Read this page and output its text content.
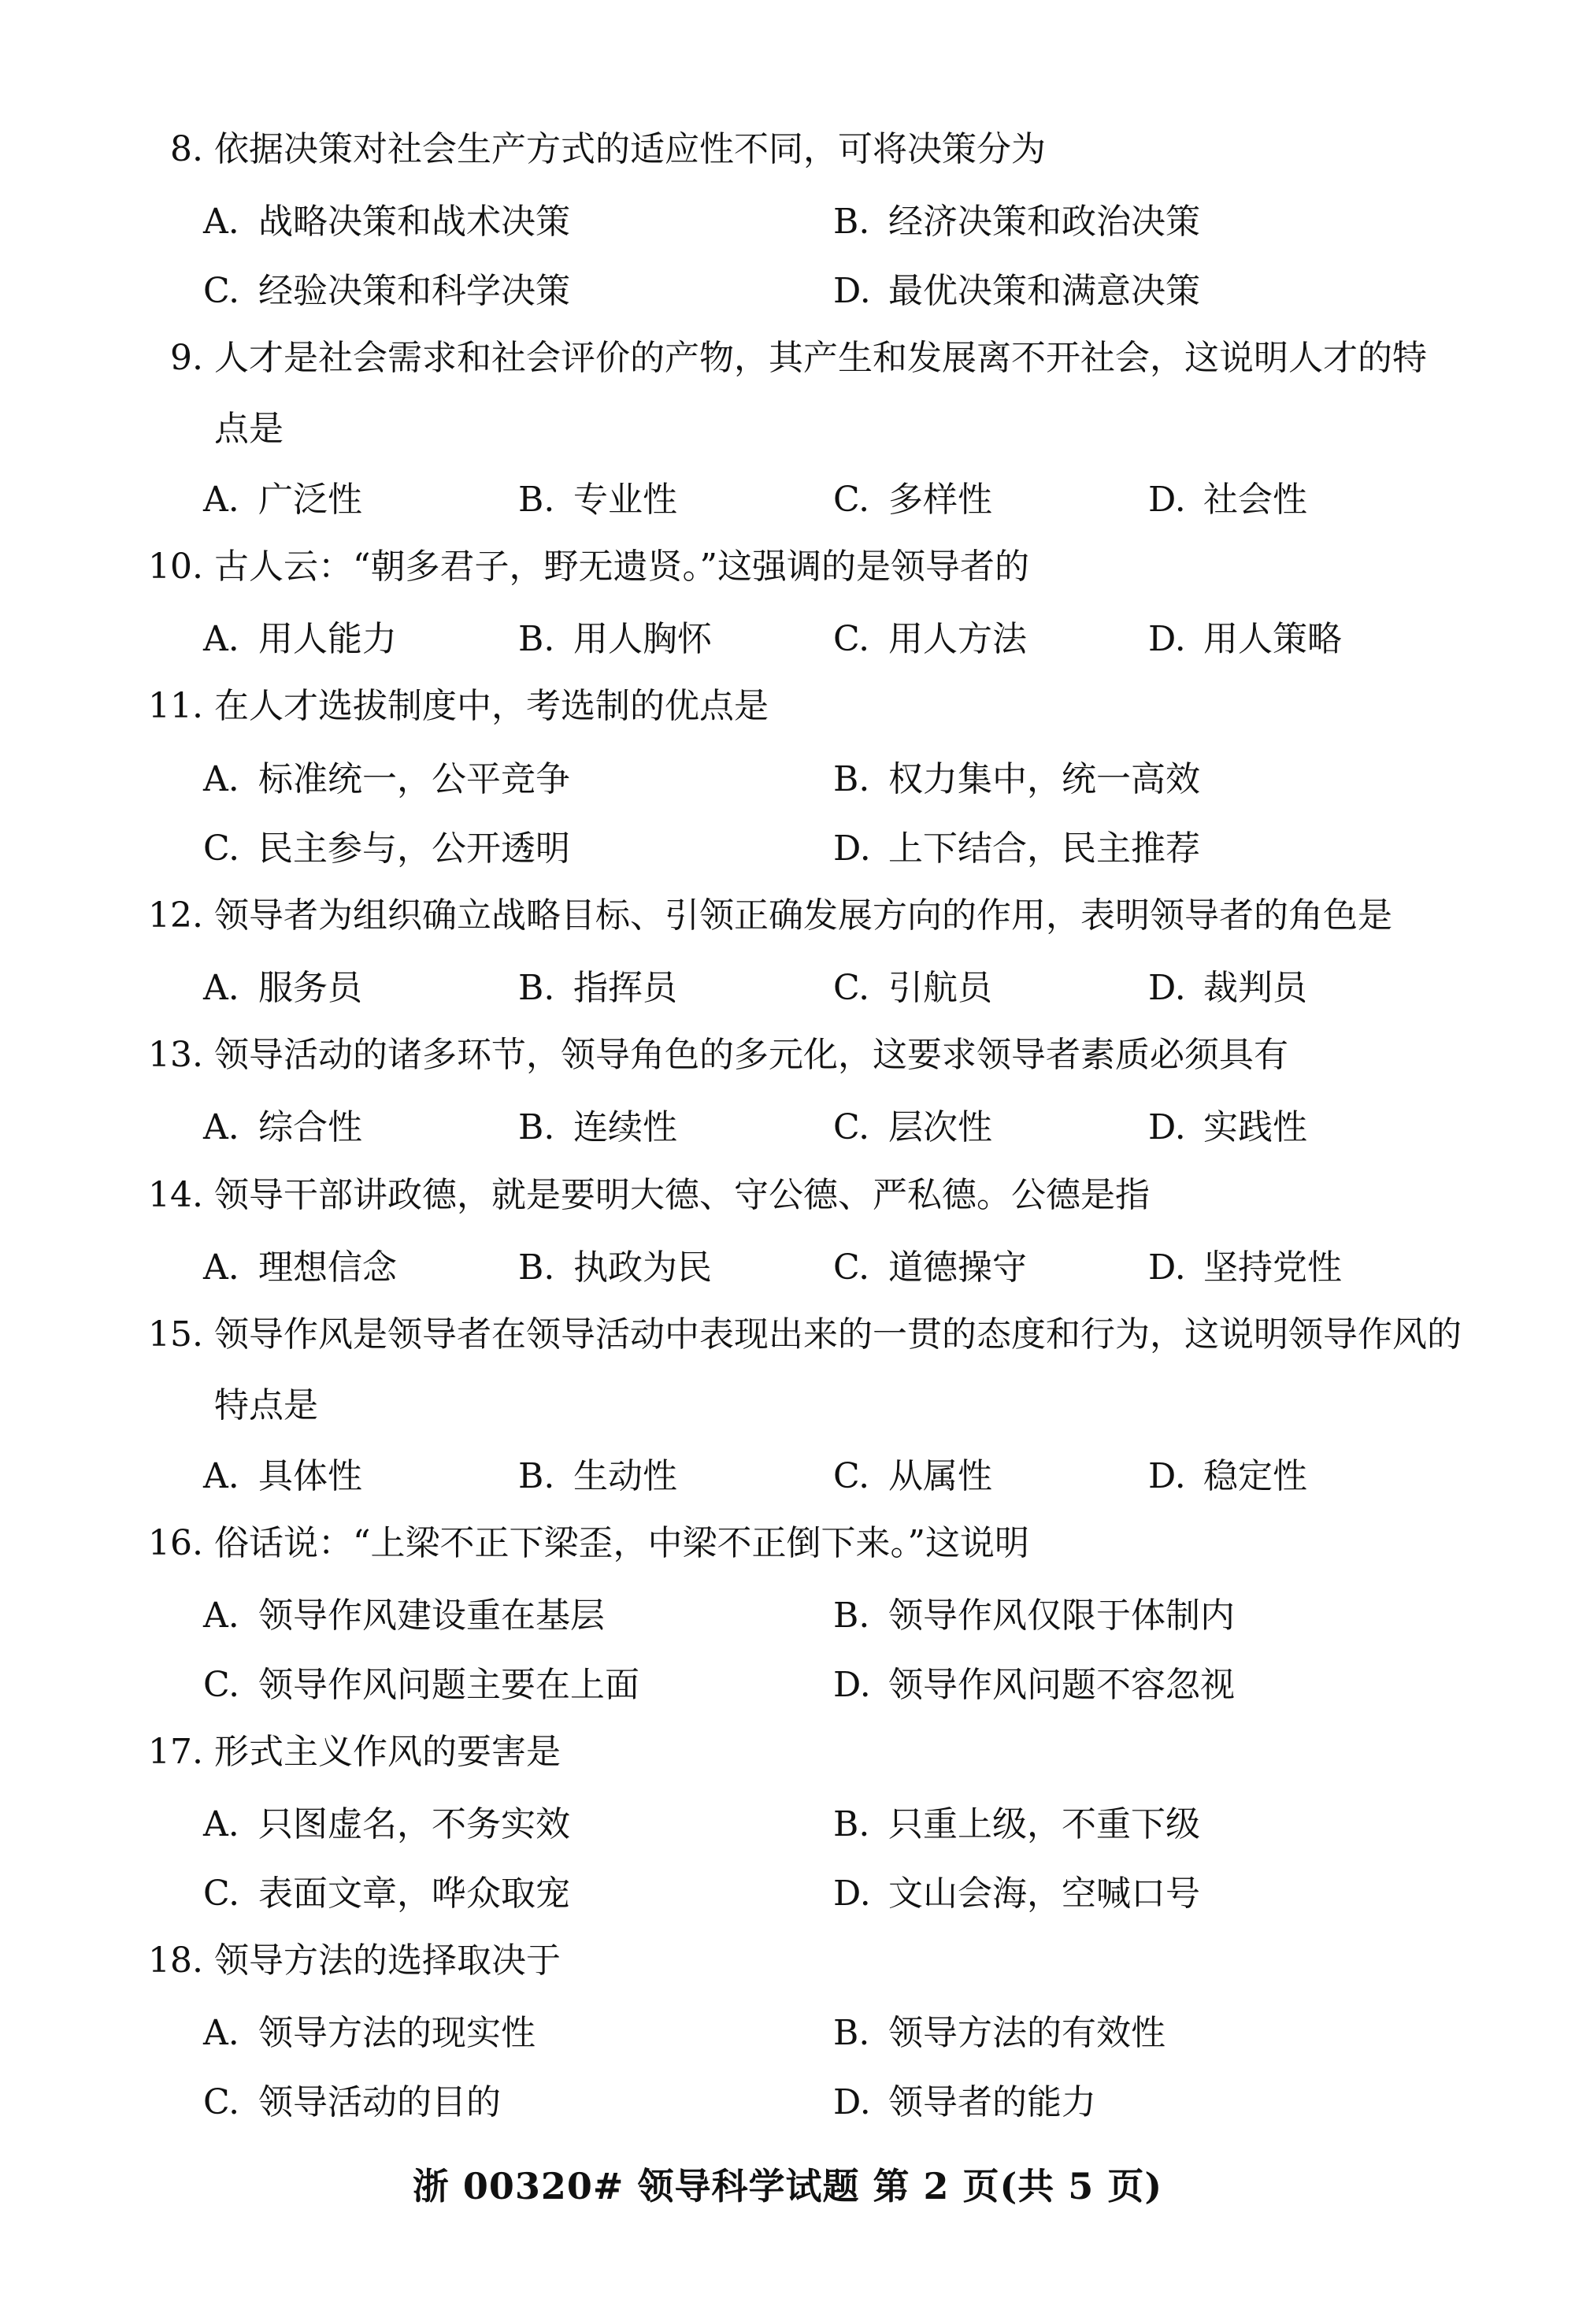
8. 依据决策对社会生产方式的适应性不同，可将决策分为
A. 战略决策和战术决策	B. 经济决策和政治决策
C. 经验决策和科学决策	D. 最优决策和满意决策
9. 人才是社会需求和社会评价的产物，其产生和发展离不开社会，这说明人才的特
点是
A. 广泛性	B. 专业性	C. 多样性	D. 社会性
10. 古人云：“朝多君子，野无遗贤。”这强调的是领导者的
A. 用人能力	B. 用人胸怀	C. 用人方法	D. 用人策略
11. 在人才选拔制度中，考选制的优点是
A. 标准统一，公平竞争	B. 权力集中，统一高效
C. 民主参与，公开透明	D. 上下结合，民主推荐
12. 领导者为组织确立战略目标、引领正确发展方向的作用，表明领导者的角色是
A. 服务员	B. 指挥员	C. 引航员	D. 裁判员
13. 领导活动的诸多环节，领导角色的多元化，这要求领导者素质必须具有
A. 综合性	B. 连续性	C. 层次性	D. 实践性
14. 领导干部讲政德，就是要明大德、守公德、严私德。公德是指
A. 理想信念	B. 执政为民	C. 道德操守	D. 坚持党性
15. 领导作风是领导者在领导活动中表现出来的一贯的态度和行为，这说明领导作风的
特点是
A. 具体性	B. 生动性	C. 从属性	D. 稳定性
16. 俗话说：“上梁不正下梁歪，中梁不正倒下来。”这说明
A. 领导作风建设重在基层	B. 领导作风仅限于体制内
C. 领导作风问题主要在上面	D. 领导作风问题不容忽视
17. 形式主义作风的要害是
A. 只图虚名，不务实效	B. 只重上级，不重下级
C. 表面文章，哗众取宠	D. 文山会海，空喊口号
18. 领导方法的选择取决于
A. 领导方法的现实性	B. 领导方法的有效性
C. 领导活动的目的	D. 领导者的能力
浙 00320# 领导科学试题 第 2 页(共 5 页)
